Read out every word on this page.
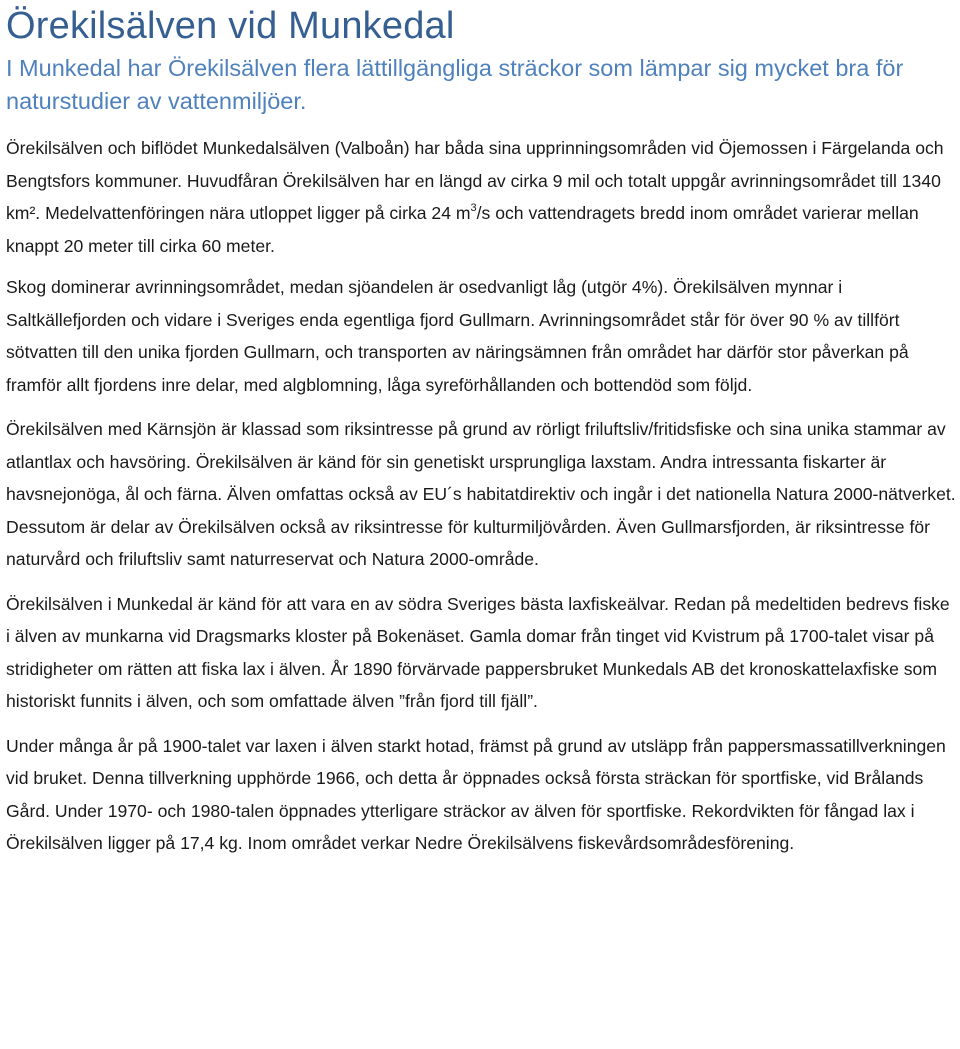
Örekilsälven vid Munkedal

I Munkedal har Örekilsälven flera lättillgängliga sträckor som lämpar sig mycket bra för naturstudier av vattenmiljöer.

Örekilsälven och biflödet Munkedalsälven (Valboån) har båda sina upprinningsområden vid Öjemossen i Färgelanda och Bengtsfors kommuner. Huvudfåran Örekilsälven har en längd av cirka 9 mil och totalt uppgår avrinningsområdet till 1340 km². Medelvattenföringen nära utloppet ligger på cirka 24 $m^3/s$ och vattendragets bredd inom området varierar mellan knappt 20 meter till cirka 60 meter.

Skog dominerar avrinningsområdet, medan sjöandelen är osedvanligt låg (utgör 4%). Örekilsälven mynnar i Saltkällefjorden och vidare i Sveriges enda egentliga fjord Gullmarn. Avrinningsområdet står för över 90 % av tillfört sötvatten till den unika fjorden Gullmarn, och transporten av näringsämnen från området har därför stor påverkan på framför allt fjordens inre delar, med algblomning, låga syreförhållanden och bottendöd som följd.

Örekilsälven med Kärnsjön är klassad som riksintresse på grund av rörligt friluftsliv/fritidsfiske och sina unika stammar av atlantlax och havsöring. Örekilsälven är känd för sin genetiskt ursprungliga laxstam. Andra intressanta fiskarter är havsnejonöga, ål och färna. Älven omfattas också av EU´s habitatdirektiv och ingår i det nationella Natura 2000-nätverket. Dessutom är delar av Örekilsälven också av riksintresse för kulturmiljövården. Även Gullmarsfjorden, är riksintresse för naturvård och friluftsliv samt naturreservat och Natura 2000-område.

Örekilsälven i Munkedal är känd för att vara en av södra Sveriges bästa laxfiskeälvar. Redan på medeltiden bedrevs fiske i älven av munkarna vid Dragsmarks kloster på Bokenäset. Gamla domar från tinget vid Kvistrum på 1700-talet visar på stridigheter om rätten att fiska lax i älven. År 1890 förvärvade pappersbruket Munkedals AB det kronoskattelaxfiske som historiskt funnits i älven, och som omfattade älven ”från fjord till fjäll”.

Under många år på 1900-talet var laxen i älven starkt hotad, främst på grund av utsläpp från pappersmassatillverkningen vid bruket. Denna tillverkning upphörde 1966, och detta år öppnades också första sträckan för sportfiske, vid Brålands Gård. Under 1970- och 1980-talen öppnades ytterligare sträckor av älven för sportfiske. Rekordvikten för fångad lax i Örekilsälven ligger på 17,4 kg. Inom området verkar Nedre Örekilsälvens fiskevårdsområdesförening.
